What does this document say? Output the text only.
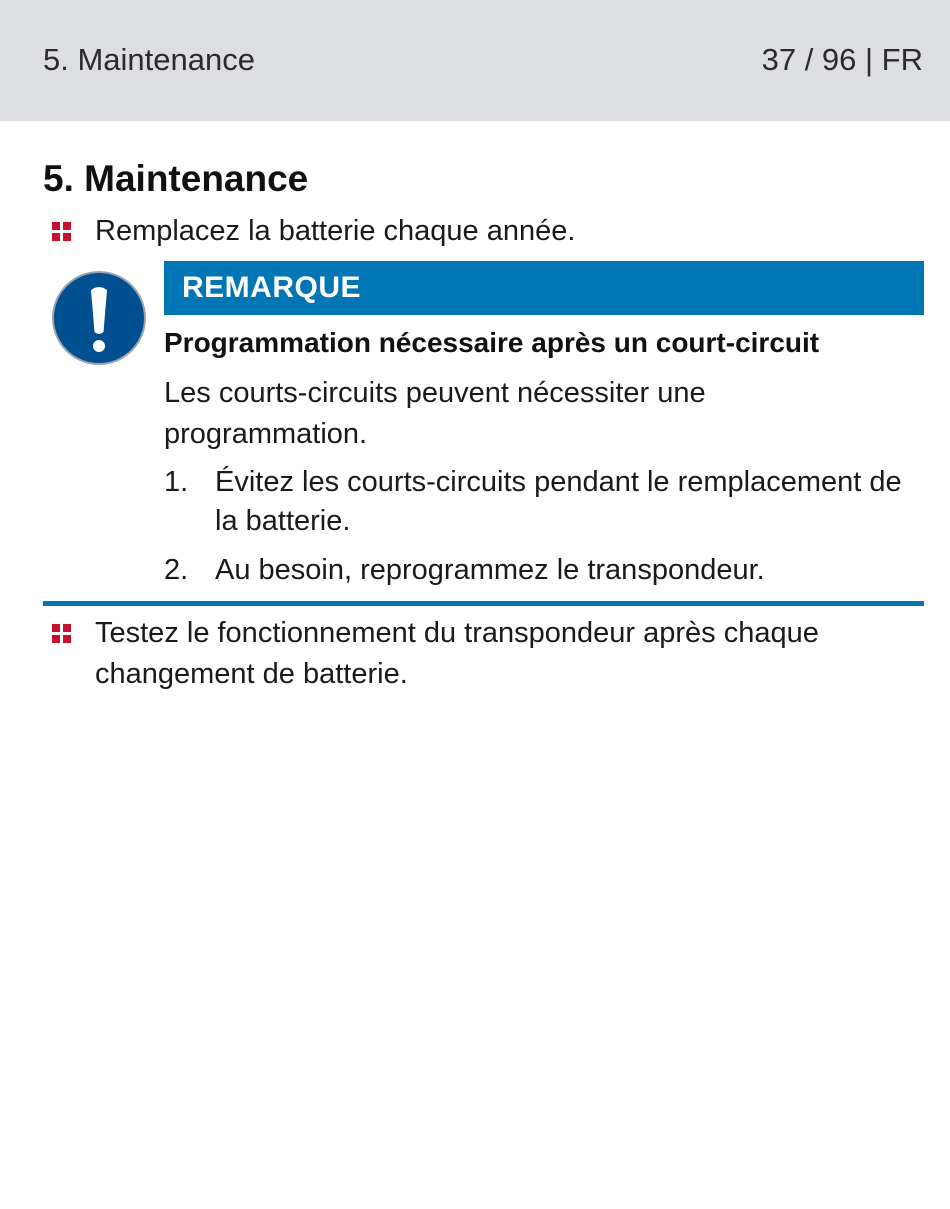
5. Maintenance	37 / 96 | FR
5. Maintenance
Remplacez la batterie chaque année.
REMARQUE
Programmation nécessaire après un court-circuit
Les courts-circuits peuvent nécessiter une programmation.
1. Évitez les courts-circuits pendant le remplacement de la batterie.
2. Au besoin, reprogrammez le transpondeur.
Testez le fonctionnement du transpondeur après chaque changement de batterie.
